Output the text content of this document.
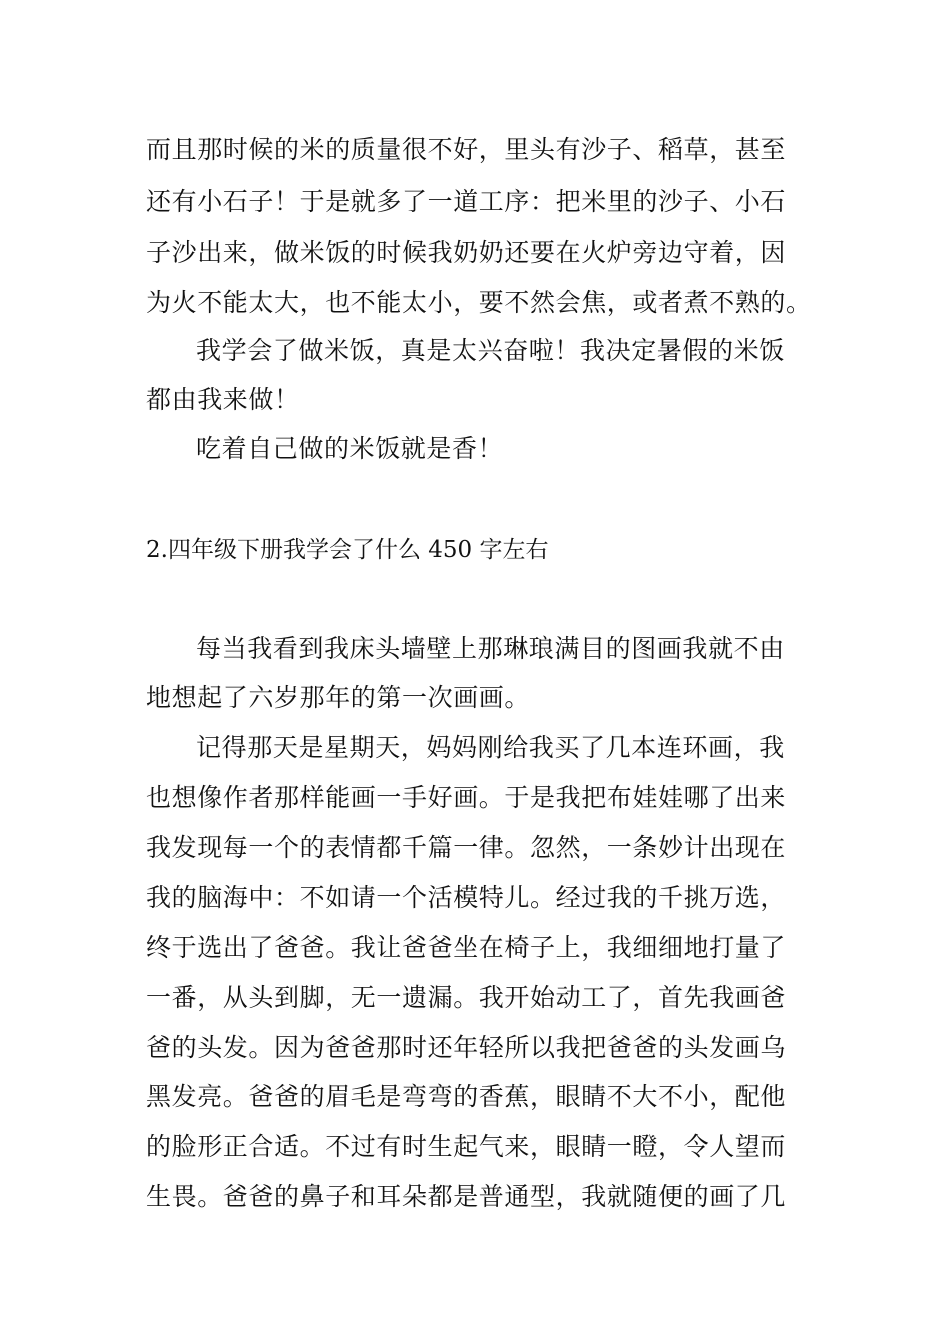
而且那时候的米的质量很不好，里头有沙子、稻草，甚至
还有小石子！于是就多了一道工序：把米里的沙子、小石
子沙出来，做米饭的时候我奶奶还要在火炉旁边守着，因
为火不能太大，也不能太小，要不然会焦，或者煮不熟的。
我学会了做米饭，真是太兴奋啦！我决定暑假的米饭
都由我来做！
吃着自己做的米饭就是香！
2.四年级下册我学会了什么 450 字左右
每当我看到我床头墙壁上那琳琅满目的图画我就不由
地想起了六岁那年的第一次画画。
记得那天是星期天，妈妈刚给我买了几本连环画，我
也想像作者那样能画一手好画。于是我把布娃娃哪了出来
我发现每一个的表情都千篇一律。忽然，一条妙计出现在
我的脑海中：不如请一个活模特儿。经过我的千挑万选，
终于选出了爸爸。我让爸爸坐在椅子上，我细细地打量了
一番，从头到脚，无一遗漏。我开始动工了，首先我画爸
爸的头发。因为爸爸那时还年轻所以我把爸爸的头发画乌
黑发亮。爸爸的眉毛是弯弯的香蕉，眼睛不大不小，配他
的脸形正合适。不过有时生起气来，眼睛一瞪，令人望而
生畏。爸爸的鼻子和耳朵都是普通型，我就随便的画了几
